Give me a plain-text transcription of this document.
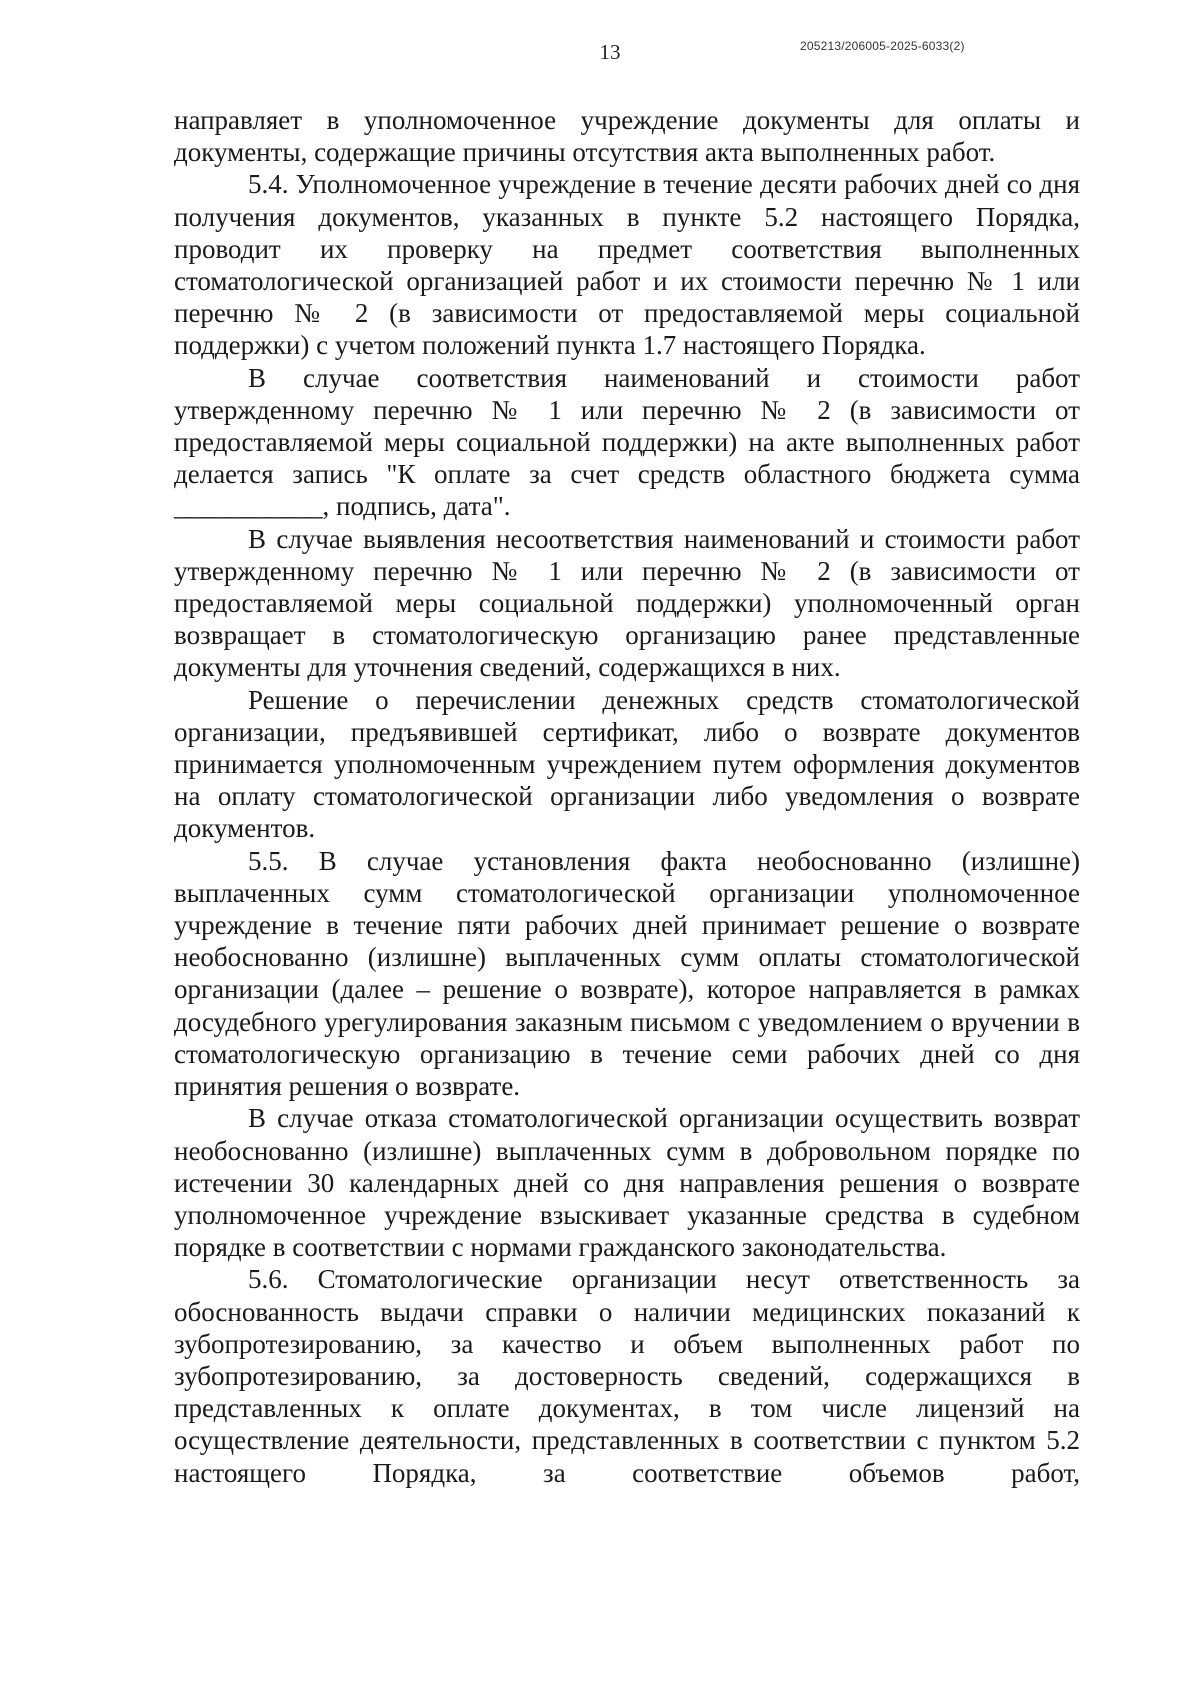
13	205213/206005-2025-6033(2)

направляет в уполномоченное учреждение документы для оплаты и документы, содержащие причины отсутствия акта выполненных работ.

5.4. Уполномоченное учреждение в течение десяти рабочих дней со дня получения документов, указанных в пункте 5.2 настоящего Порядка, проводит их проверку на предмет соответствия выполненных стоматологической организацией работ и их стоимости перечню № 1 или перечню № 2 (в зависимости от предоставляемой меры социальной поддержки) с учетом положений пункта 1.7 настоящего Порядка.

В случае соответствия наименований и стоимости работ утвержденному перечню № 1 или перечню № 2 (в зависимости от предоставляемой меры социальной поддержки) на акте выполненных работ делается запись "К оплате за счет средств областного бюджета сумма ___________, подпись, дата".

В случае выявления несоответствия наименований и стоимости работ утвержденному перечню № 1 или перечню № 2 (в зависимости от предоставляемой меры социальной поддержки) уполномоченный орган возвращает в стоматологическую организацию ранее представленные документы для уточнения сведений, содержащихся в них.

Решение о перечислении денежных средств стоматологической организации, предъявившей сертификат, либо о возврате документов принимается уполномоченным учреждением путем оформления документов на оплату стоматологической организации либо уведомления о возврате документов.

5.5. В случае установления факта необоснованно (излишне) выплаченных сумм стоматологической организации уполномоченное учреждение в течение пяти рабочих дней принимает решение о возврате необоснованно (излишне) выплаченных сумм оплаты стоматологической организации (далее – решение о возврате), которое направляется в рамках досудебного урегулирования заказным письмом с уведомлением о вручении в стоматологическую организацию в течение семи рабочих дней со дня принятия решения о возврате.

В случае отказа стоматологической организации осуществить возврат необоснованно (излишне) выплаченных сумм в добровольном порядке по истечении 30 календарных дней со дня направления решения о возврате уполномоченное учреждение взыскивает указанные средства в судебном порядке в соответствии с нормами гражданского законодательства.

5.6. Стоматологические организации несут ответственность за обоснованность выдачи справки о наличии медицинских показаний к зубопротезированию, за качество и объем выполненных работ по зубопротезированию, за достоверность сведений, содержащихся в представленных к оплате документах, в том числе лицензий на осуществление деятельности, представленных в соответствии с пунктом 5.2 настоящего Порядка, за соответствие объемов работ,
